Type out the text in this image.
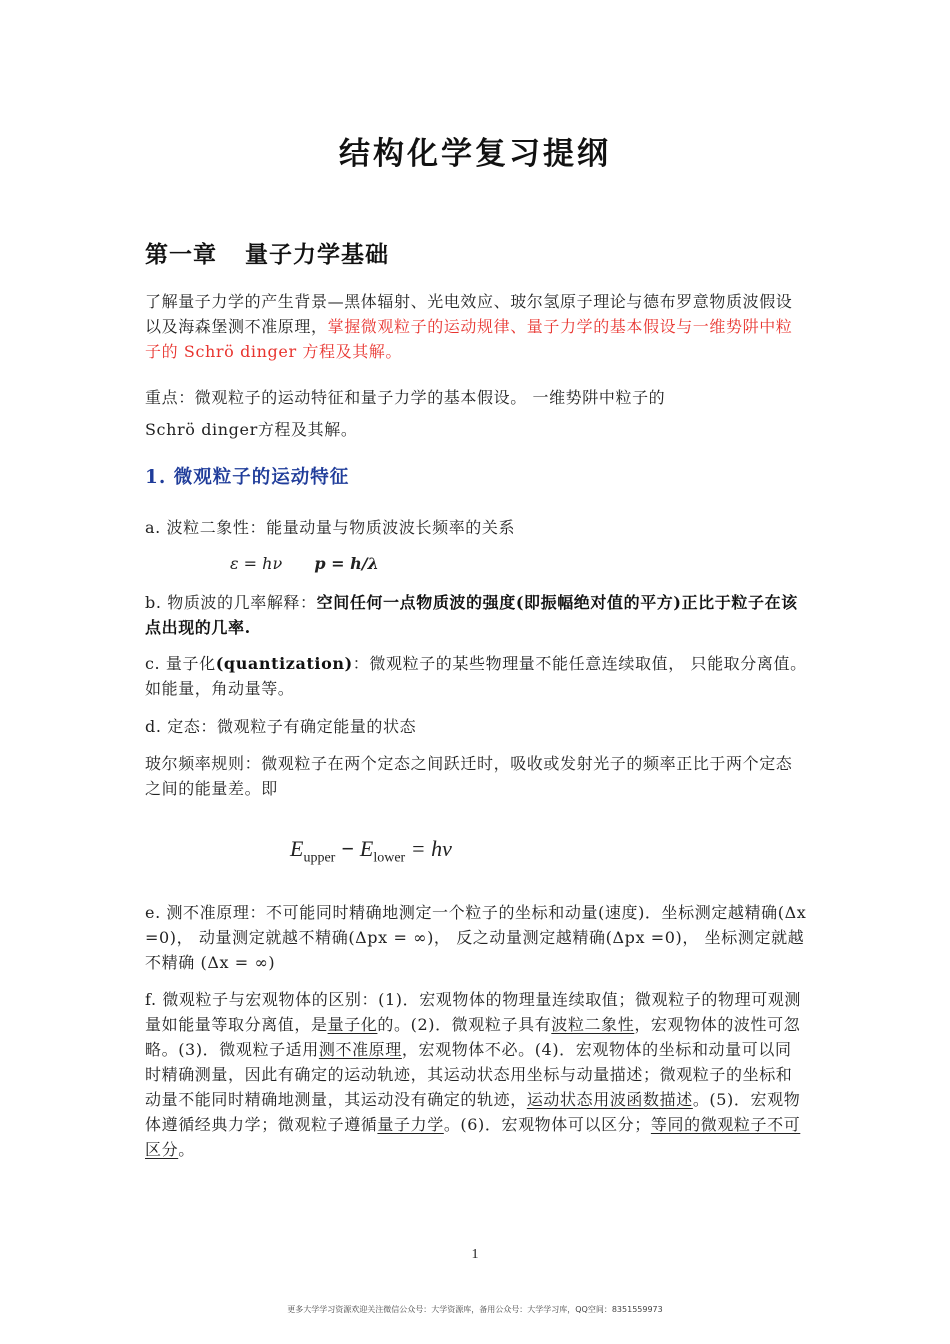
结构化学复习提纲
第一章 量子力学基础
了解量子力学的产生背景—黑体辐射、光电效应、玻尔氢原子理论与德布罗意物质波假设以及海森堡测不准原理，掌握微观粒子的运动规律、量子力学的基本假设与一维势阱中粒子的 Schrö dinger 方程及其解。
重点：微观粒子的运动特征和量子力学的基本假设。 一维势阱中粒子的
Schrö dinger方程及其解。
1. 微观粒子的运动特征
a. 波粒二象性：能量动量与物质波波长频率的关系
ε = hν p = h/λ
b. 物质波的几率解释：空间任何一点物质波的强度(即振幅绝对值的平方)正比于粒子在该点出现的几率.
c. 量子化(quantization)：微观粒子的某些物理量不能任意连续取值， 只能取分离值。如能量，角动量等。
d. 定态：微观粒子有确定能量的状态
玻尔频率规则：微观粒子在两个定态之间跃迁时，吸收或发射光子的频率正比于两个定态之间的能量差。即
$E_{upper} - E_{lower} = h\nu$
e. 测不准原理：不可能同时精确地测定一个粒子的坐标和动量(速度)．坐标测定越精确(Δx =0)， 动量测定就越不精确(Δpx = ∞)， 反之动量测定越精确(Δpx =0)， 坐标测定就越不精确 (Δx = ∞)
f. 微观粒子与宏观物体的区别：(1)．宏观物体的物理量连续取值；微观粒子的物理可观测量如能量等取分离值，是量子化的。(2)．微观粒子具有波粒二象性，宏观物体的波性可忽略。(3)．微观粒子适用测不准原理，宏观物体不必。(4)．宏观物体的坐标和动量可以同时精确测量，因此有确定的运动轨迹，其运动状态用坐标与动量描述；微观粒子的坐标和动量不能同时精确地测量，其运动没有确定的轨迹，运动状态用波函数描述。(5)．宏观物体遵循经典力学；微观粒子遵循量子力学。(6)．宏观物体可以区分；等同的微观粒子不可区分。
1
更多大学学习资源欢迎关注微信公众号：大学资源库，备用公众号：大学学习库，QQ空间：8351559973
